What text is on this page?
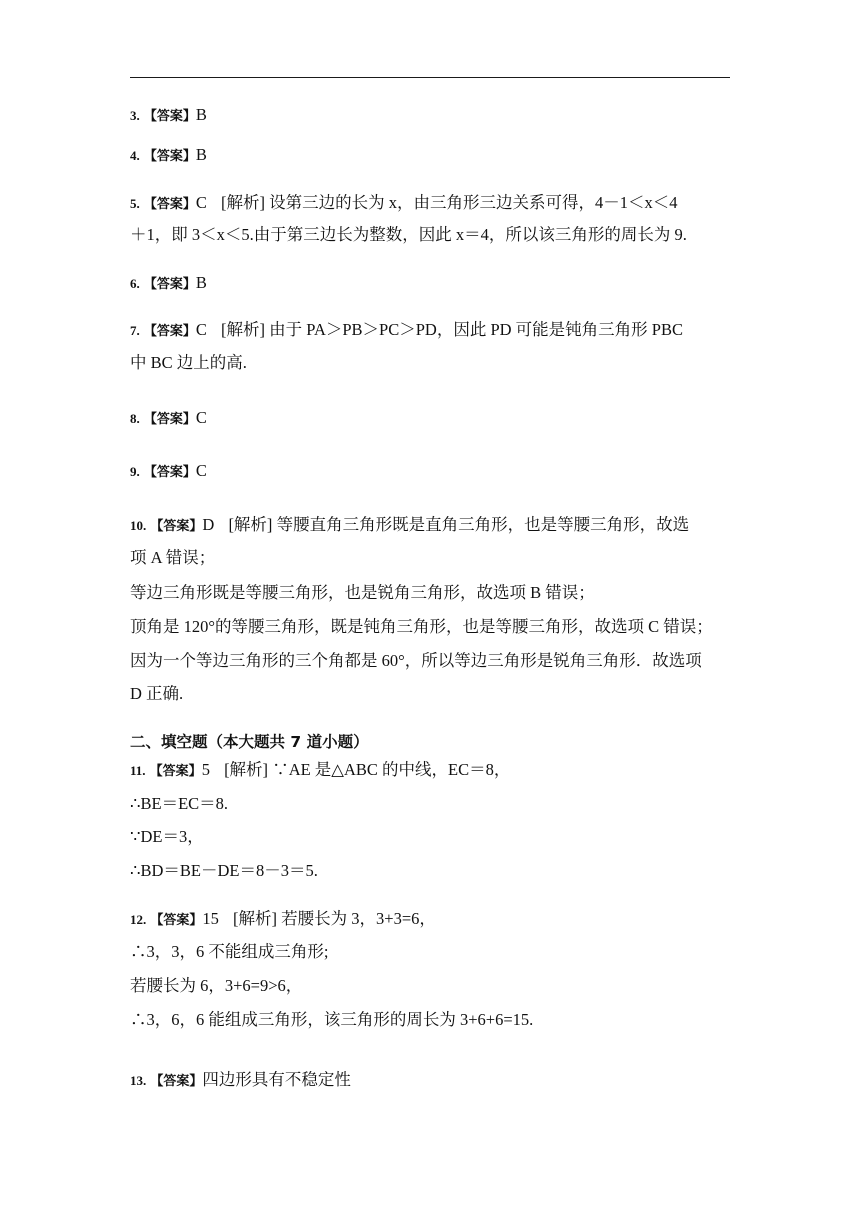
3. 【答案】B
4. 【答案】B
5. 【答案】C [解析] 设第三边的长为 x，由三角形三边关系可得，4－1＜x＜4
＋1，即 3＜x＜5.由于第三边长为整数，因此 x＝4，所以该三角形的周长为 9.
6. 【答案】B
7. 【答案】C [解析] 由于 PA＞PB＞PC＞PD，因此 PD 可能是钝角三角形 PBC
中 BC 边上的高.
8. 【答案】C
9. 【答案】C
10. 【答案】D [解析] 等腰直角三角形既是直角三角形，也是等腰三角形，故选
项 A 错误；
等边三角形既是等腰三角形，也是锐角三角形，故选项 B 错误；
顶角是 120°的等腰三角形，既是钝角三角形，也是等腰三角形，故选项 C 错误；
因为一个等边三角形的三个角都是 60°，所以等边三角形是锐角三角形．故选项
D 正确.
二、填空题（本大题共 7 道小题）
11. 【答案】5 [解析] ∵AE 是△ABC 的中线，EC＝8，
∴BE＝EC＝8.
∵DE＝3，
∴BD＝BE－DE＝8－3＝5.
12. 【答案】15 [解析] 若腰长为 3，3+3=6，
∴3，3，6 不能组成三角形;
若腰长为 6，3+6=9>6，
∴3，6，6 能组成三角形，该三角形的周长为 3+6+6=15.
13. 【答案】四边形具有不稳定性
